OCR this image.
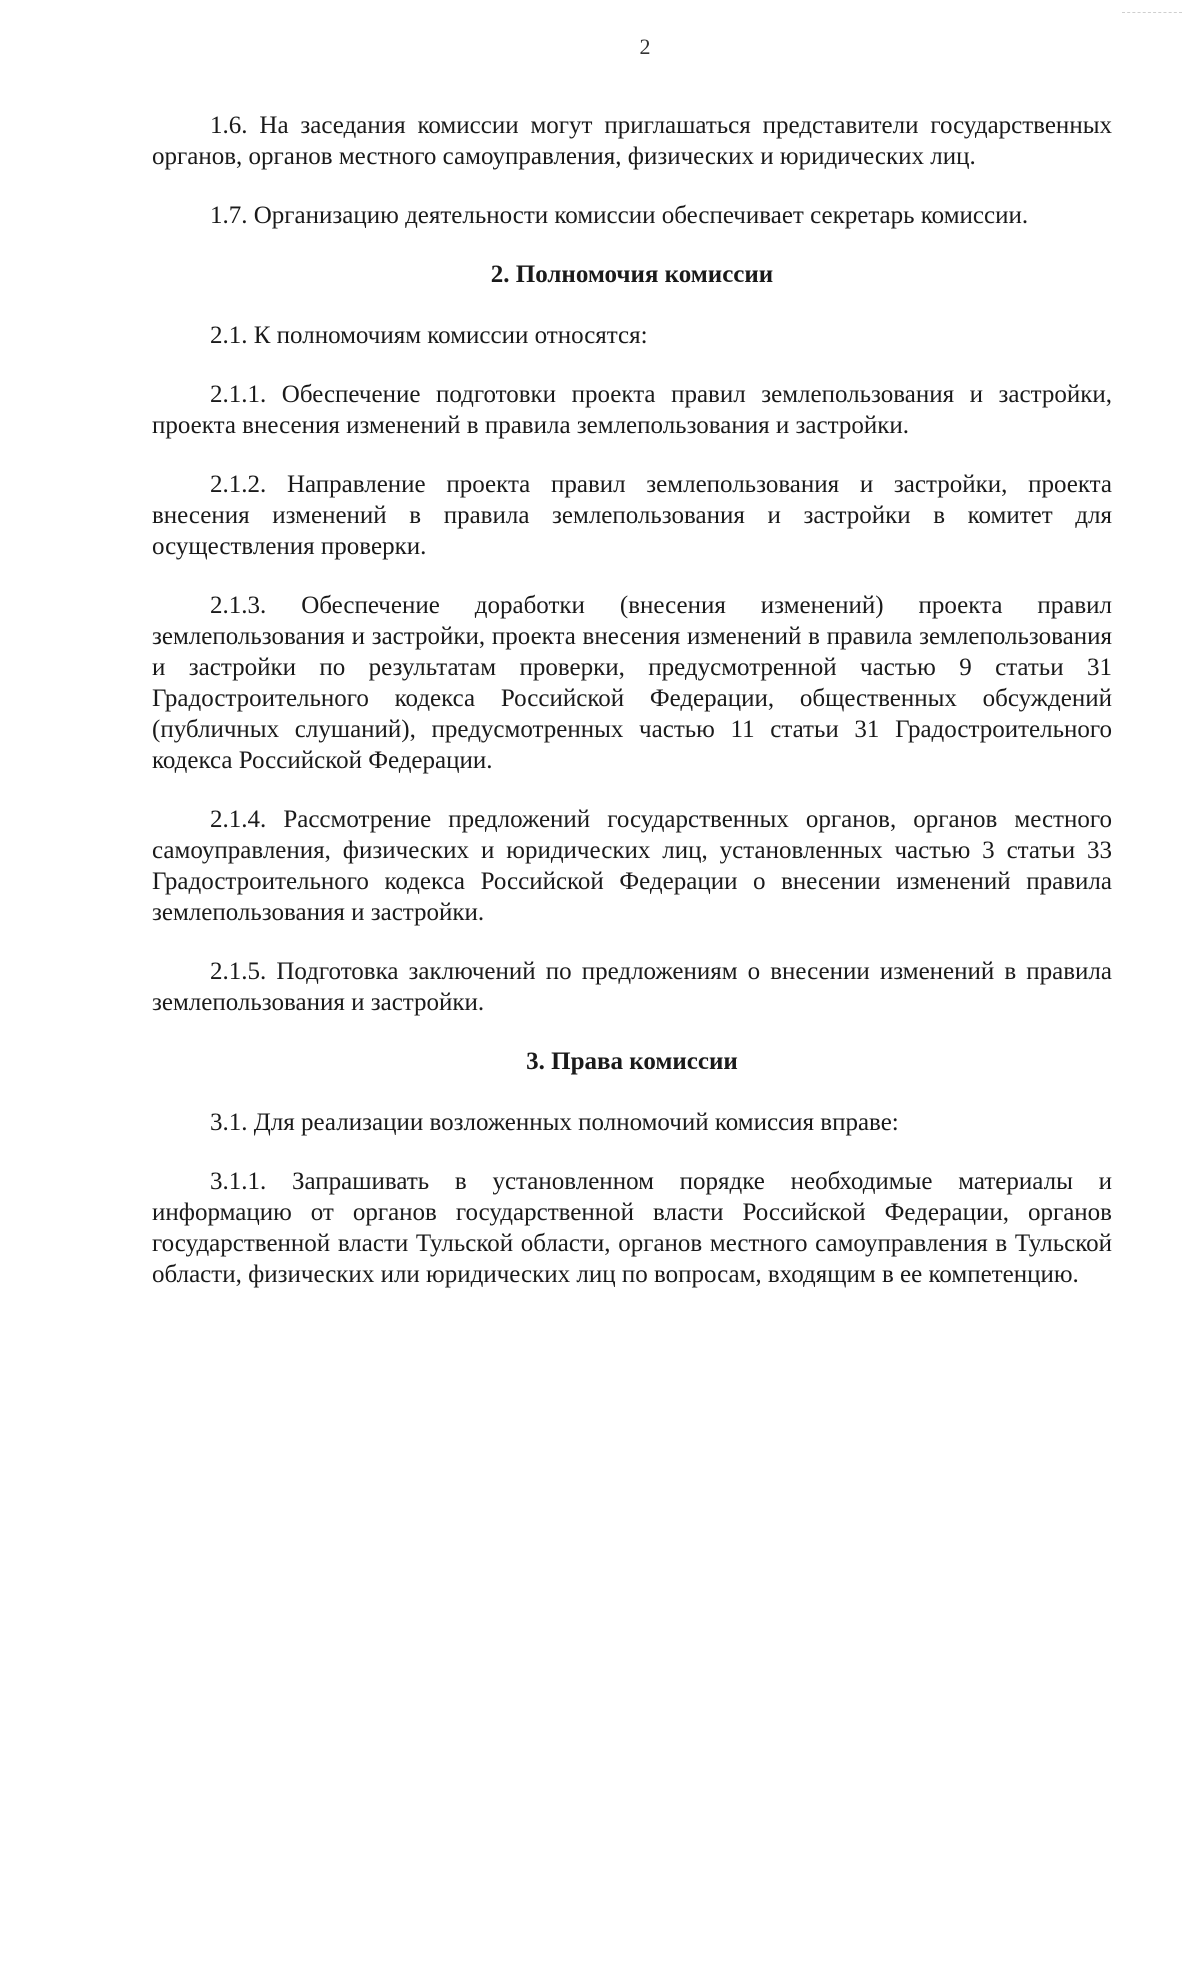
2

1.6. На заседания комиссии могут приглашаться представители государственных органов, органов местного самоуправления, физических и юридических лиц.

1.7. Организацию деятельности комиссии обеспечивает секретарь комиссии.

2. Полномочия комиссии

2.1. К полномочиям комиссии относятся:

2.1.1. Обеспечение подготовки проекта правил землепользования и застройки, проекта внесения изменений в правила землепользования и застройки.

2.1.2. Направление проекта правил землепользования и застройки, проекта внесения изменений в правила землепользования и застройки в комитет для осуществления проверки.

2.1.3. Обеспечение доработки (внесения изменений) проекта правил землепользования и застройки, проекта внесения изменений в правила землепользования и застройки по результатам проверки, предусмотренной частью 9 статьи 31 Градостроительного кодекса Российской Федерации, общественных обсуждений (публичных слушаний), предусмотренных частью 11 статьи 31 Градостроительного кодекса Российской Федерации.

2.1.4. Рассмотрение предложений государственных органов, органов местного самоуправления, физических и юридических лиц, установленных частью 3 статьи 33 Градостроительного кодекса Российской Федерации о внесении изменений правила землепользования и застройки.

2.1.5. Подготовка заключений по предложениям о внесении изменений в правила землепользования и застройки.

3. Права комиссии

3.1. Для реализации возложенных полномочий комиссия вправе:

3.1.1. Запрашивать в установленном порядке необходимые материалы и информацию от органов государственной власти Российской Федерации, органов государственной власти Тульской области, органов местного самоуправления в Тульской области, физических или юридических лиц по вопросам, входящим в ее компетенцию.
